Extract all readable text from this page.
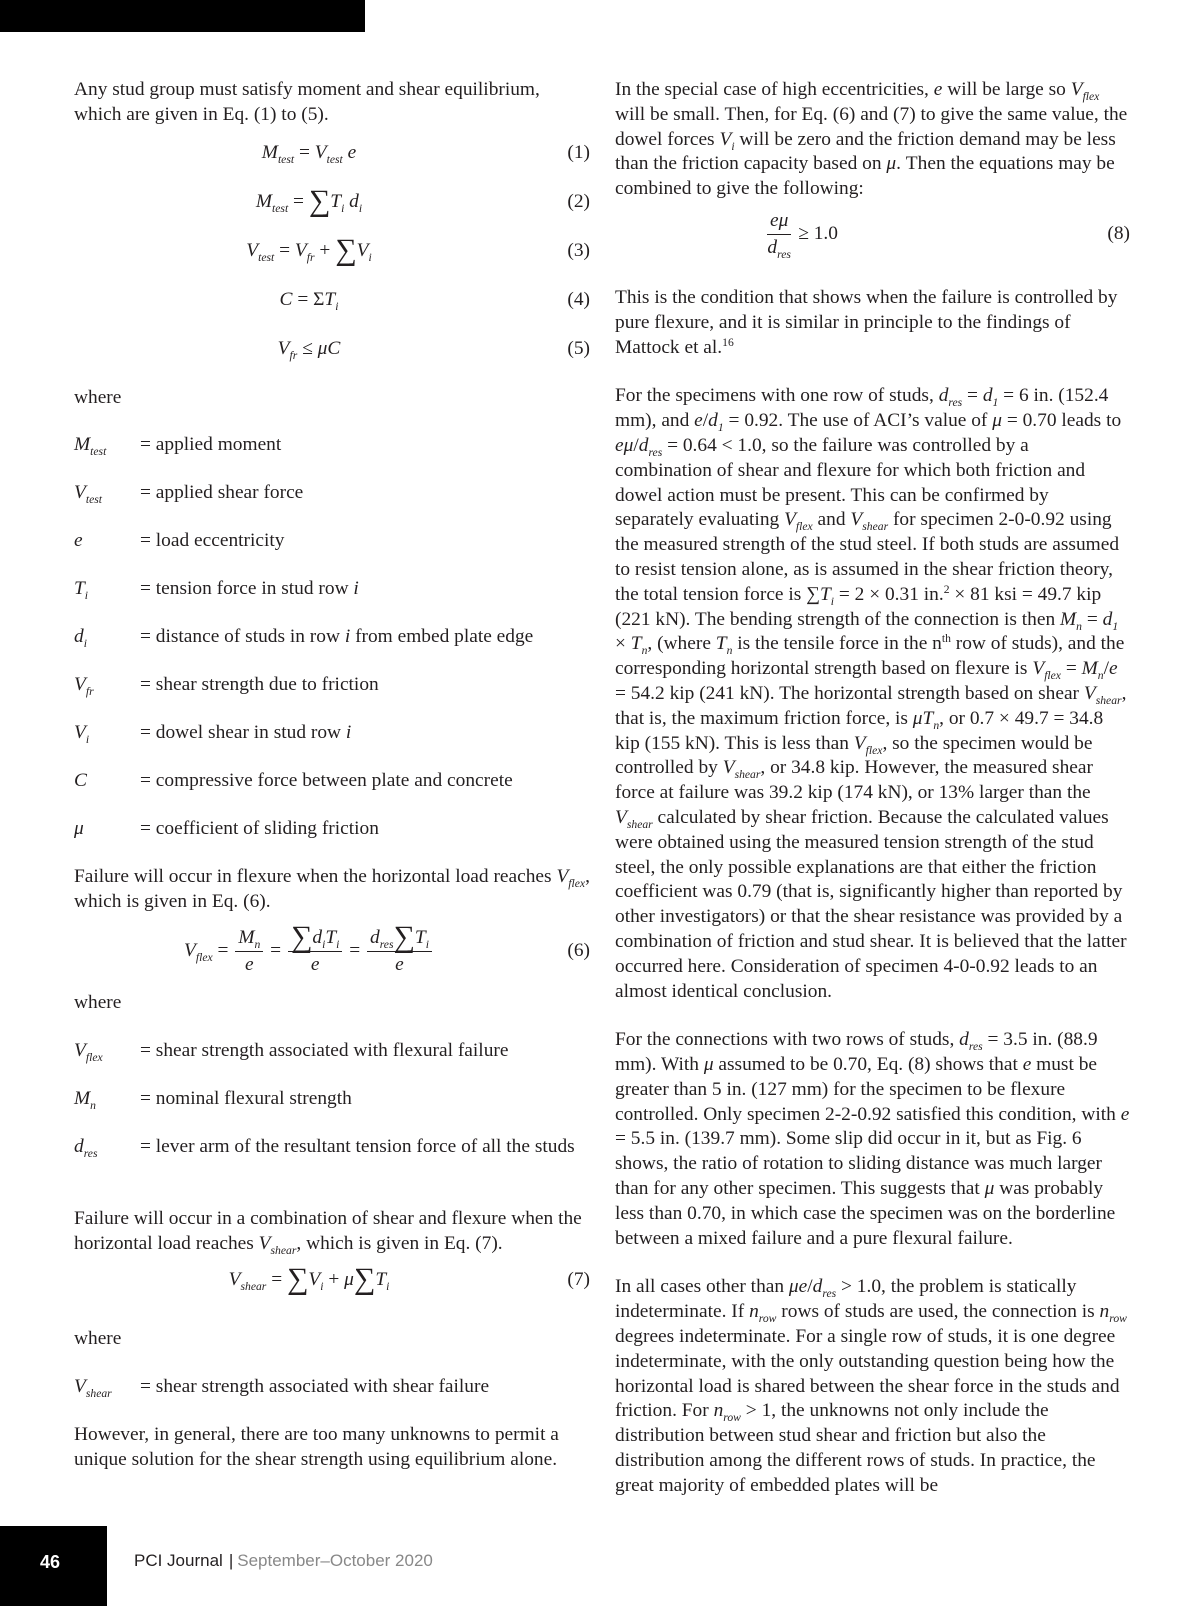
Any stud group must satisfy moment and shear equilibrium, which are given in Eq. (1) to (5).

$M_{test} = V_{test}$ e	(1)
$M_{test} = \sum T_i$ $d_i$	(2)
$V_{test} = V_{fr} + \sum V_i$	(3)
$C = \Sigma T_i$	(4)
$V_{fr} \le \mu C$	(5)

where

$M_{test}$	= applied moment
$V_{test}$	= applied shear force
e	= load eccentricity
$T_i$	= tension force in stud row i
$d_i$	= distance of studs in row i from embed plate edge
$V_{fr}$	= shear strength due to friction
$V_i$	= dowel shear in stud row i
C	= compressive force between plate and concrete
μ	= coefficient of sliding friction

Failure will occur in flexure when the horizontal load reaches $V_{flex}$, which is given in Eq. (6).

$V_{flex} = \frac{M_n}{e} = \frac{\sum d_iT_i}{e} = \frac{d_{res}\sum T_i}{e}$	(6)

where

$V_{flex}$	= shear strength associated with flexural failure
$M_n$	= nominal flexural strength
$d_{res}$	= lever arm of the resultant tension force of all the studs

Failure will occur in a combination of shear and flexure when the horizontal load reaches $V_{shear}$, which is given in Eq. (7).

$V_{shear} = \sum V_i + \mu\sum T_i$	(7)

where

$V_{shear}$	= shear strength associated with shear failure

However, in general, there are too many unknowns to permit a unique solution for the shear strength using equilibrium alone.

In the special case of high eccentricities, e will be large so $V_{flex}$ will be small. Then, for Eq. (6) and (7) to give the same value, the dowel forces $V_i$ will be zero and the friction demand may be less than the friction capacity based on μ. Then the equations may be combined to give the following:

$\frac{e\mu}{d_{res}} \ge 1.0$	(8)

This is the condition that shows when the failure is controlled by pure flexure, and it is similar in principle to the findings of Mattock et al.$^{16}$

For the specimens with one row of studs, $d_{res} = d_1 = 6$ in. (152.4 mm), and $e/d_1 = 0.92$. The use of ACI’s value of μ = 0.70 leads to $e\mu/d_{res} = 0.64 < 1.0$, so the failure was controlled by a combination of shear and flexure for which both friction and dowel action must be present. This can be confirmed by separately evaluating $V_{flex}$ and $V_{shear}$ for specimen 2-0-0.92 using the measured strength of the stud steel. If both studs are assumed to resist tension alone, as is assumed in the shear friction theory, the total tension force is $\sum T_i = 2 \times 0.31$ in.$^2$ × 81 ksi = 49.7 kip (221 kN). The bending strength of the connection is then $M_n = d_1 \times T_n$, (where $T_n$ is the tensile force in the $n^{th}$ row of studs), and the corresponding horizontal strength based on flexure is $V_{flex} = M_n/e = 54.2$ kip (241 kN). The horizontal strength based on shear $V_{shear}$, that is, the maximum friction force, is $\mu T_n$, or 0.7 × 49.7 = 34.8 kip (155 kN). This is less than $V_{flex}$, so the specimen would be controlled by $V_{shear}$, or 34.8 kip. However, the measured shear force at failure was 39.2 kip (174 kN), or 13% larger than the $V_{shear}$ calculated by shear friction. Because the calculated values were obtained using the measured tension strength of the stud steel, the only possible explanations are that either the friction coefficient was 0.79 (that is, significantly higher than reported by other investigators) or that the shear resistance was provided by a combination of friction and stud shear. It is believed that the latter occurred here. Consideration of specimen 4-0-0.92 leads to an almost identical conclusion.

For the connections with two rows of studs, $d_{res} = 3.5$ in. (88.9 mm). With μ assumed to be 0.70, Eq. (8) shows that e must be greater than 5 in. (127 mm) for the specimen to be flexure controlled. Only specimen 2-2-0.92 satisfied this condition, with e = 5.5 in. (139.7 mm). Some slip did occur in it, but as Fig. 6 shows, the ratio of rotation to sliding distance was much larger than for any other specimen. This suggests that μ was probably less than 0.70, in which case the specimen was on the borderline between a mixed failure and a pure flexural failure.

In all cases other than $\mu e/d_{res} > 1.0$, the problem is statically indeterminate. If $n_{row}$ rows of studs are used, the connection is $n_{row}$ degrees indeterminate. For a single row of studs, it is one degree indeterminate, with the only outstanding question being how the horizontal load is shared between the shear force in the studs and friction. For $n_{row} > 1$, the unknowns not only include the distribution between stud shear and friction but also the distribution among the different rows of studs. In practice, the great majority of embedded plates will be

46	PCI Journal | September–October 2020
